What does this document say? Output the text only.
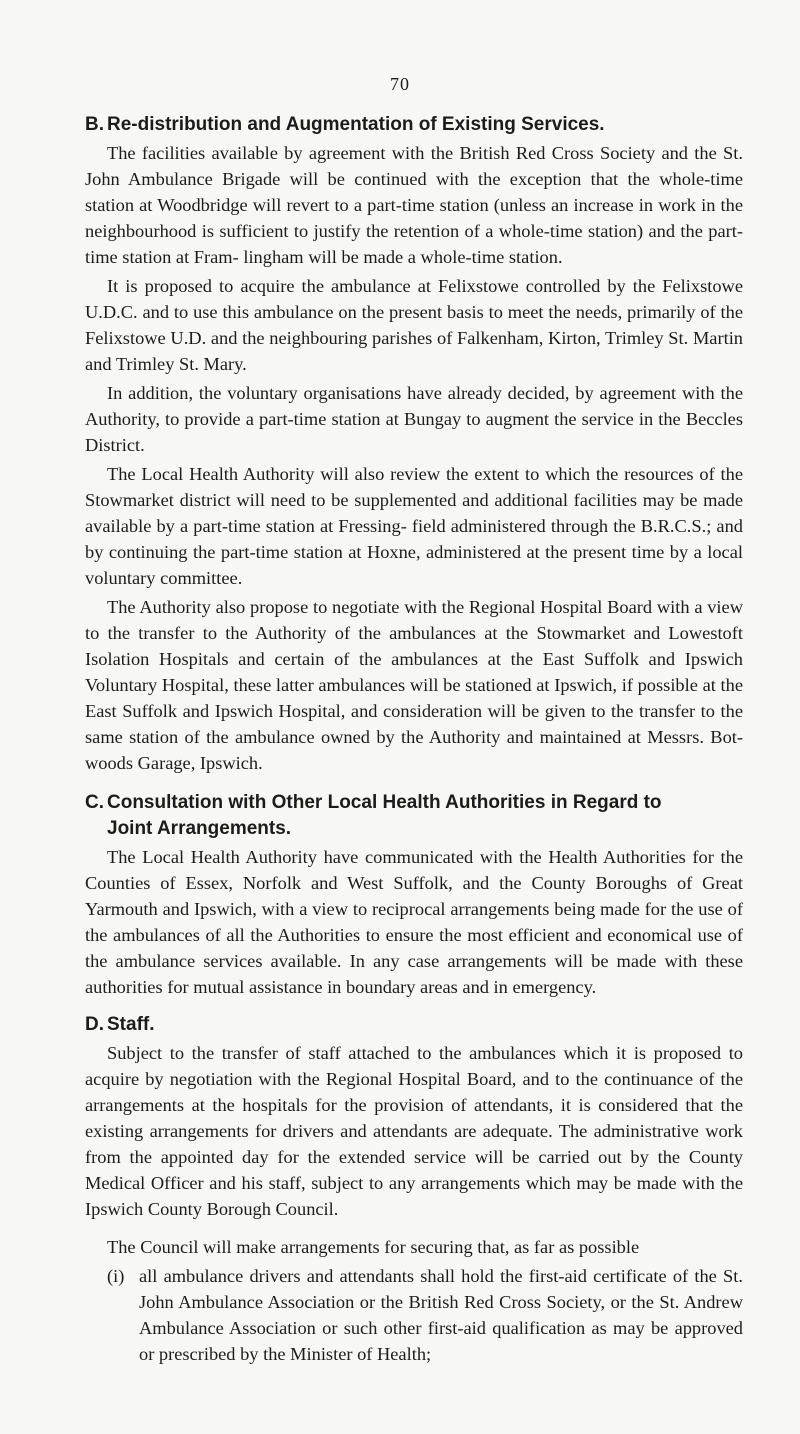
70
B. Re-distribution and Augmentation of Existing Services.

The facilities available by agreement with the British Red Cross Society and the St. John Ambulance Brigade will be continued with the exception that the whole-time station at Woodbridge will revert to a part-time station (unless an increase in work in the neighbourhood is sufficient to justify the retention of a whole-time station) and the part-time station at Fram- lingham will be made a whole-time station.

It is proposed to acquire the ambulance at Felixstowe controlled by the Felixstowe U.D.C. and to use this ambulance on the present basis to meet the needs, primarily of the Felixstowe U.D. and the neighbouring parishes of Falkenham, Kirton, Trimley St. Martin and Trimley St. Mary.

In addition, the voluntary organisations have already decided, by agreement with the Authority, to provide a part-time station at Bungay to augment the service in the Beccles District.

The Local Health Authority will also review the extent to which the resources of the Stowmarket district will need to be supplemented and additional facilities may be made available by a part-time station at Fressing- field administered through the B.R.C.S.; and by continuing the part-time station at Hoxne, administered at the present time by a local voluntary committee.

The Authority also propose to negotiate with the Regional Hospital Board with a view to the transfer to the Authority of the ambulances at the Stowmarket and Lowestoft Isolation Hospitals and certain of the ambulances at the East Suffolk and Ipswich Voluntary Hospital, these latter ambulances will be stationed at Ipswich, if possible at the East Suffolk and Ipswich Hospital, and consideration will be given to the transfer to the same station of the ambulance owned by the Authority and maintained at Messrs. Bot- woods Garage, Ipswich.

C. Consultation with Other Local Health Authorities in Regard to
Joint Arrangements.

The Local Health Authority have communicated with the Health Authorities for the Counties of Essex, Norfolk and West Suffolk, and the County Boroughs of Great Yarmouth and Ipswich, with a view to reciprocal arrangements being made for the use of the ambulances of all the Authorities to ensure the most efficient and economical use of the ambulance services available. In any case arrangements will be made with these authorities for mutual assistance in boundary areas and in emergency.

D. Staff.

Subject to the transfer of staff attached to the ambulances which it is proposed to acquire by negotiation with the Regional Hospital Board, and to the continuance of the arrangements at the hospitals for the provision of attendants, it is considered that the existing arrangements for drivers and attendants are adequate. The administrative work from the appointed day for the extended service will be carried out by the County Medical Officer and his staff, subject to any arrangements which may be made with the Ipswich County Borough Council.

The Council will make arrangements for securing that, as far as possible

(i) all ambulance drivers and attendants shall hold the first-aid certificate of the St. John Ambulance Association or the British Red Cross Society, or the St. Andrew Ambulance Association or such other first-aid qualification as may be approved or prescribed by the Minister of Health;
